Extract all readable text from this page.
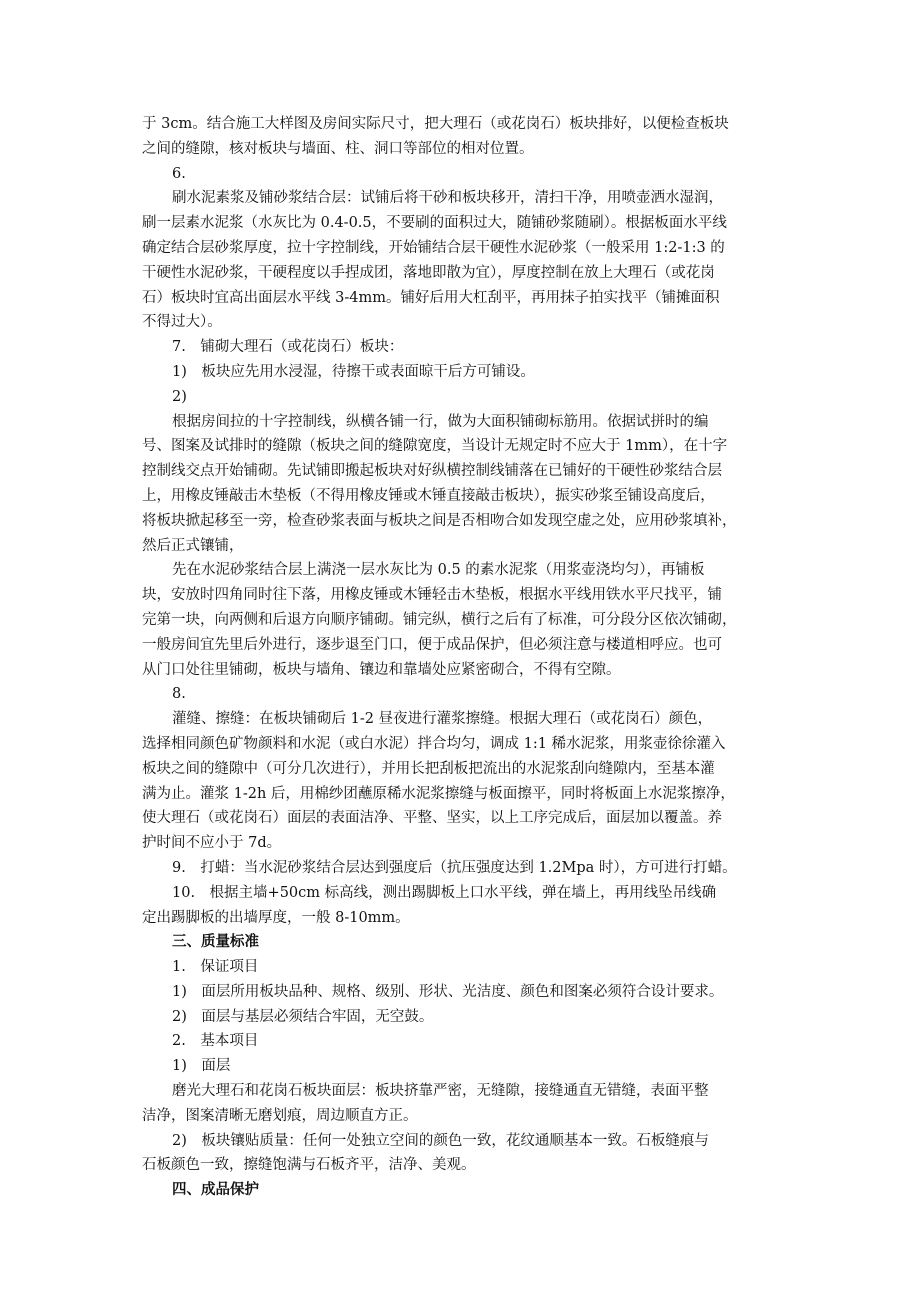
于 3cm。结合施工大样图及房间实际尺寸，把大理石（或花岗石）板块排好，以便检查板块
之间的缝隙，核对板块与墙面、柱、洞口等部位的相对位置。
6.
刷水泥素浆及铺砂浆结合层：试铺后将干砂和板块移开，清扫干净，用喷壶洒水湿润，
刷一层素水泥浆（水灰比为 0.4-0.5，不要刷的面积过大，随铺砂浆随刷）。根据板面水平线
确定结合层砂浆厚度，拉十字控制线，开始铺结合层干硬性水泥砂浆（一般采用 1:2-1:3 的
干硬性水泥砂浆，干硬程度以手捏成团，落地即散为宜），厚度控制在放上大理石（或花岗
石）板块时宜高出面层水平线 3-4mm。铺好后用大杠刮平，再用抹子拍实找平（铺摊面积
不得过大）。
7.　铺砌大理石（或花岗石）板块：
1)　板块应先用水浸湿，待擦干或表面晾干后方可铺设。
2)
根据房间拉的十字控制线，纵横各铺一行，做为大面积铺砌标筋用。依据试拼时的编
号、图案及试排时的缝隙（板块之间的缝隙宽度，当设计无规定时不应大于 1mm），在十字
控制线交点开始铺砌。先试铺即搬起板块对好纵横控制线铺落在已铺好的干硬性砂浆结合层
上，用橡皮锤敲击木垫板（不得用橡皮锤或木锤直接敲击板块），振实砂浆至铺设高度后，
将板块掀起移至一旁，检查砂浆表面与板块之间是否相吻合如发现空虚之处，应用砂浆填补，
然后正式镶铺，
先在水泥砂浆结合层上满浇一层水灰比为 0.5 的素水泥浆（用浆壶浇均匀），再铺板
块，安放时四角同时往下落，用橡皮锤或木锤轻击木垫板，根据水平线用铁水平尺找平，铺
完第一块，向两侧和后退方向顺序铺砌。铺完纵，横行之后有了标准，可分段分区依次铺砌，
一般房间宜先里后外进行，逐步退至门口，便于成品保护，但必须注意与楼道相呼应。也可
从门口处往里铺砌，板块与墙角、镶边和靠墙处应紧密砌合，不得有空隙。
8.
灌缝、擦缝：在板块铺砌后 1-2 昼夜进行灌浆擦缝。根据大理石（或花岗石）颜色，
选择相同颜色矿物颜料和水泥（或白水泥）拌合均匀，调成 1:1 稀水泥浆，用浆壶徐徐灌入
板块之间的缝隙中（可分几次进行），并用长把刮板把流出的水泥浆刮向缝隙内，至基本灌
满为止。灌浆 1-2h 后，用棉纱团蘸原稀水泥浆擦缝与板面擦平，同时将板面上水泥浆擦净，
使大理石（或花岗石）面层的表面洁净、平整、坚实，以上工序完成后，面层加以覆盖。养
护时间不应小于 7d。
9.　打蜡：当水泥砂浆结合层达到强度后（抗压强度达到 1.2Mpa 时），方可进行打蜡。
10.　根据主墙+50cm 标高线，测出踢脚板上口水平线，弹在墙上，再用线坠吊线确
定出踢脚板的出墙厚度，一般 8-10mm。
三、质量标准
1.　保证项目
1)　面层所用板块品种、规格、级别、形状、光洁度、颜色和图案必须符合设计要求。
2)　面层与基层必须结合牢固，无空鼓。
2.　基本项目
1)　面层
磨光大理石和花岗石板块面层：板块挤靠严密，无缝隙，接缝通直无错缝，表面平整
洁净，图案清晰无磨划痕，周边顺直方正。
2)　板块镶贴质量：任何一处独立空间的颜色一致，花纹通顺基本一致。石板缝痕与
石板颜色一致，擦缝饱满与石板齐平，洁净、美观。
四、成品保护
